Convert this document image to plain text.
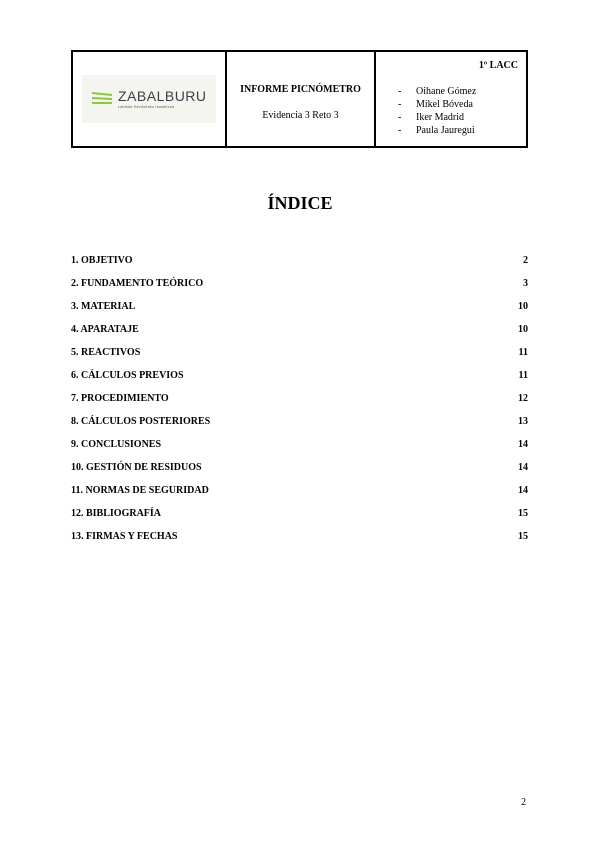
ZABALBURU
Lanbide Heziketako Ikastetxea
INFORME PICNÓMETRO
Evidencia 3 Reto 3
1º LACC
- Oihane Gómez
- Mikel Bóveda
- Iker Madrid
- Paula Jauregui
ÍNDICE
1. OBJETIVO	2
2. FUNDAMENTO TEÓRICO	3
3. MATERIAL	10
4. APARATAJE	10
5. REACTIVOS	11
6. CÁLCULOS PREVIOS	11
7. PROCEDIMIENTO	12
8. CÁLCULOS POSTERIORES	13
9. CONCLUSIONES	14
10. GESTIÓN DE RESIDUOS	14
11. NORMAS DE SEGURIDAD	14
12. BIBLIOGRAFÍA	15
13. FIRMAS Y FECHAS	15
2
